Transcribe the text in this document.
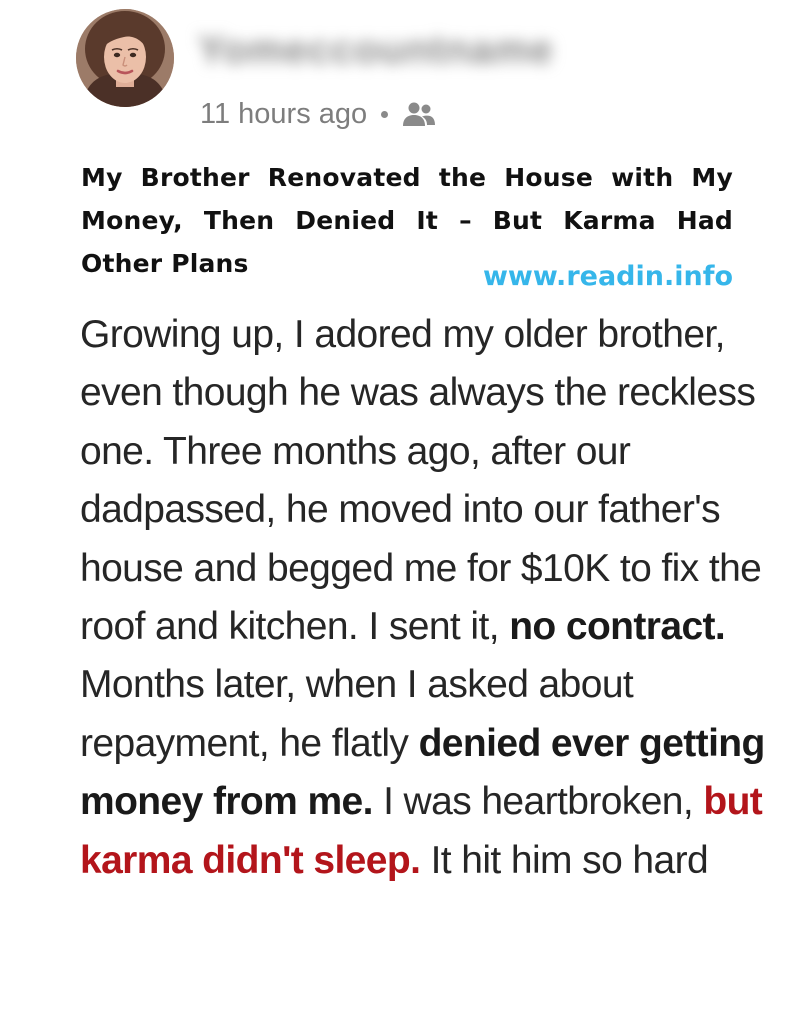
Yomeccountname
11 hours ago
My Brother Renovated the House with My Money, Then Denied It – But Karma Had Other Plans	www.readin.info

Growing up, I adored my older brother, even though he was always the reckless one. Three months ago, after our dadpassed, he moved into our father's house and begged me for $10K to fix the roof and kitchen. I sent it, no contract. Months later, when I asked about repayment, he flatly denied ever getting money from me. I was heartbroken, but karma didn't sleep. It hit him so hard
